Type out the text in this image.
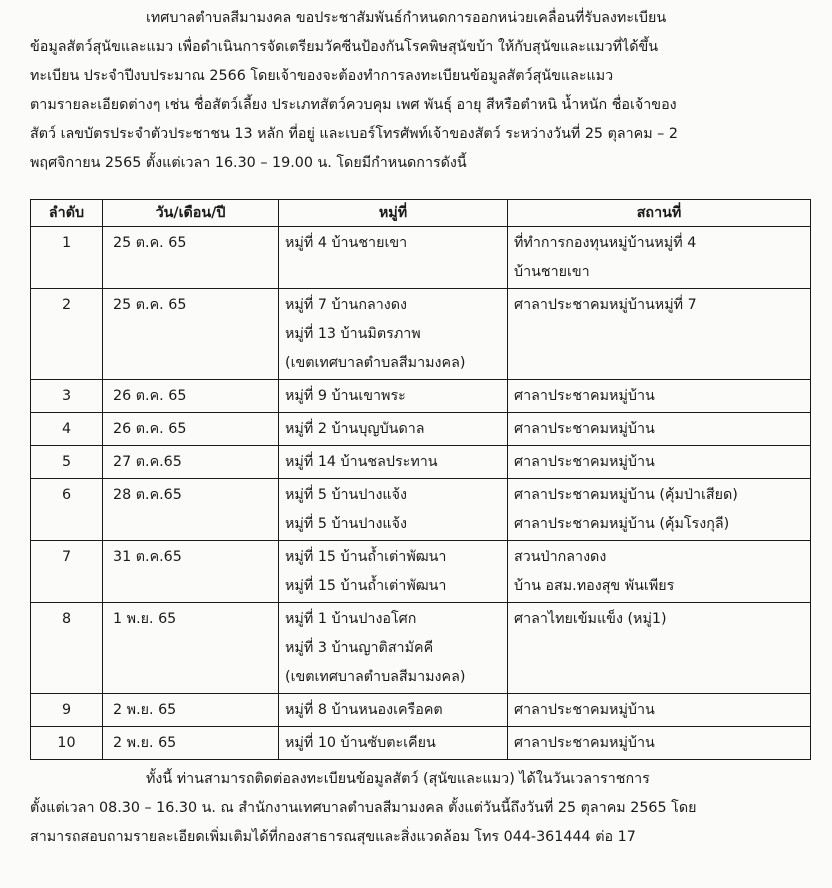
เทศบาลตำบลสีมามงคล ขอประชาสัมพันธ์กำหนดการออกหน่วยเคลื่อนที่รับลงทะเบียน
ข้อมูลสัตว์สุนัขและแมว เพื่อดำเนินการจัดเตรียมวัคซีนป้องกันโรคพิษสุนัขบ้า ให้กับสุนัขและแมวที่ได้ขึ้น
ทะเบียน ประจำปีงบประมาณ 2566 โดยเจ้าของจะต้องทำการลงทะเบียนข้อมูลสัตว์สุนัขและแมว
ตามรายละเอียดต่างๆ เช่น ชื่อสัตว์เลี้ยง ประเภทสัตว์ควบคุม เพศ พันธุ์ อายุ สีหรือตำหนิ น้ำหนัก ชื่อเจ้าของ
สัตว์ เลขบัตรประจำตัวประชาชน 13 หลัก ที่อยู่ และเบอร์โทรศัพท์เจ้าของสัตว์ ระหว่างวันที่ 25 ตุลาคม – 2
พฤศจิกายน 2565 ตั้งแต่เวลา 16.30 – 19.00 น. โดยมีกำหนดการดังนี้

ลำดับ	วัน/เดือน/ปี	หมู่ที่	สถานที่
1	25 ต.ค. 65	หมู่ที่ 4 บ้านชายเขา	ที่ทำการกองทุนหมู่บ้านหมู่ที่ 4
บ้านชายเขา

2	25 ต.ค. 65	หมู่ที่ 7 บ้านกลางดง
หมู่ที่ 13 บ้านมิตรภาพ
(เขตเทศบาลตำบลสีมามงคล)	ศาลาประชาคมหมู่บ้านหมู่ที่ 7

3	26 ต.ค. 65	หมู่ที่ 9 บ้านเขาพระ	ศาลาประชาคมหมู่บ้าน

4	26 ต.ค. 65	หมู่ที่ 2 บ้านบุญบันดาล	ศาลาประชาคมหมู่บ้าน

5	27 ต.ค.65	หมู่ที่ 14 บ้านชลประทาน	ศาลาประชาคมหมู่บ้าน

6	28 ต.ค.65	หมู่ที่ 5 บ้านปางแจ้ง
หมู่ที่ 5 บ้านปางแจ้ง	ศาลาประชาคมหมู่บ้าน (คุ้มป่าเสียด)
ศาลาประชาคมหมู่บ้าน (คุ้มโรงกุลี)

7	31 ต.ค.65	หมู่ที่ 15 บ้านถ้ำเต่าพัฒนา
หมู่ที่ 15 บ้านถ้ำเต่าพัฒนา	สวนป่ากลางดง
บ้าน อสม.ทองสุข พันเพียร

8	1 พ.ย. 65	หมู่ที่ 1 บ้านปางอโศก
หมู่ที่ 3 บ้านญาติสามัคคี
(เขตเทศบาลตำบลสีมามงคล)	ศาลาไทยเข้มแข็ง (หมู่1)

9	2 พ.ย. 65	หมู่ที่ 8 บ้านหนองเครือคต	ศาลาประชาคมหมู่บ้าน

10	2 พ.ย. 65	หมู่ที่ 10 บ้านซับตะเคียน	ศาลาประชาคมหมู่บ้าน

ทั้งนี้ ท่านสามารถติดต่อลงทะเบียนข้อมูลสัตว์ (สุนัขและแมว) ได้ในวันเวลาราชการ
ตั้งแต่เวลา 08.30 – 16.30 น. ณ สำนักงานเทศบาลตำบลสีมามงคล ตั้งแต่วันนี้ถึงวันที่ 25 ตุลาคม 2565 โดย
สามารถสอบถามรายละเอียดเพิ่มเติมได้ที่กองสาธารณสุขและสิ่งแวดล้อม โทร 044-361444 ต่อ 17
